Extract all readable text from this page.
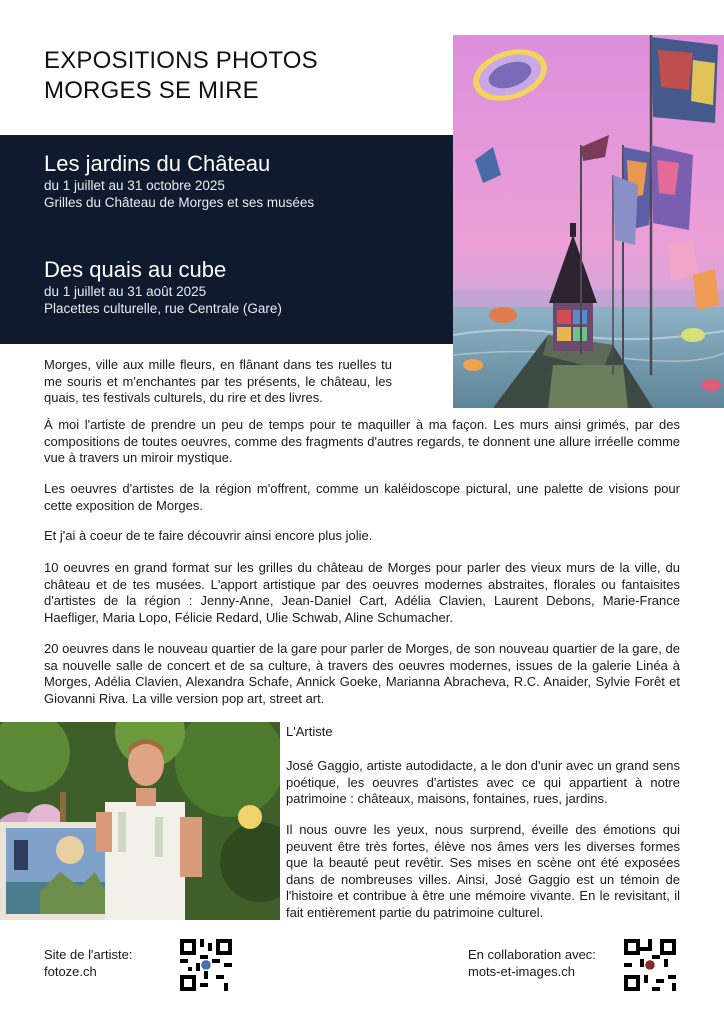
EXPOSITIONS PHOTOS
MORGES SE MIRE
Les jardins du Château
du 1 juillet au 31 octobre 2025
Grilles du Château de Morges et ses musées
Des quais au cube
du 1 juillet au 31 août 2025
Placettes culturelle, rue Centrale (Gare)
Morges, ville aux mille fleurs, en flânant dans tes ruelles tu me souris et m'enchantes par tes présents, le château, les quais, tes festivals culturels, du rire et des livres.
À moi l'artiste de prendre un peu de temps pour te maquiller à ma façon. Les murs ainsi grimés, par des compositions de toutes oeuvres, comme des fragments d'autres regards, te donnent une allure irréelle comme vue à travers un miroir mystique.
Les oeuvres d'artistes de la région m'offrent, comme un kaléidoscope pictural, une palette de visions pour cette exposition de Morges.
Et j'ai à coeur de te faire découvrir ainsi encore plus jolie.
10 oeuvres en grand format sur les grilles du château de Morges pour parler des vieux murs de la ville, du château et de tes musées. L'apport artistique par des oeuvres modernes abstraites, florales ou fantaisites d'artistes de la région : Jenny-Anne, Jean-Daniel Cart, Adélia Clavien, Laurent Debons, Marie-France Haefliger, Maria Lopo, Félicie Redard, Ulie Schwab, Aline Schumacher.
20 oeuvres dans le nouveau quartier de la gare pour parler de Morges, de son nouveau quartier de la gare, de sa nouvelle salle de concert et de sa culture, à travers des oeuvres modernes, issues de la galerie Linéa à Morges, Adélia Clavien, Alexandra Schafe, Annick Goeke, Marianna Abracheva, R.C. Anaider, Sylvie Forêt et Giovanni Riva. La ville version pop art, street art.
L'Artiste
José Gaggio, artiste autodidacte, a le don d'unir avec un grand sens poétique, les oeuvres d'artistes avec ce qui appartient à notre patrimoine : châteaux, maisons, fontaines, rues, jardins.
Il nous ouvre les yeux, nous surprend, éveille des émotions qui peuvent être très fortes, élève nos âmes vers les diverses formes que la beauté peut revêtir. Ses mises en scène ont été exposées dans de nombreuses villes. Ainsi, José Gaggio est un témoin de l'histoire et contribue à être une mémoire vivante. En le revisitant, il fait entièrement partie du patrimoine culturel.
Site de l'artiste:
fotoze.ch
En collaboration avec:
mots-et-images.ch
